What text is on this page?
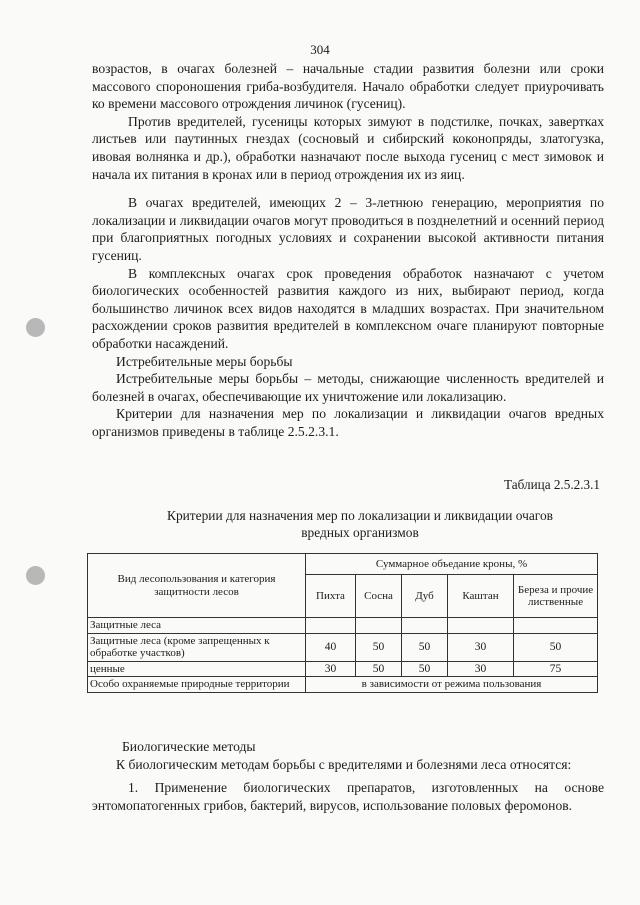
304

возрастов, в очагах болезней – начальные стадии развития болезни или сроки массового спороношения гриба-возбудителя. Начало обработки следует приурочивать ко времени массового отрождения личинок (гусениц).

Против вредителей, гусеницы которых зимуют в подстилке, почках, завертках листьев или паутинных гнездах (сосновый и сибирский коконопряды, златогузка, ивовая волнянка и др.), обработки назначают после выхода гусениц с мест зимовок и начала их питания в кронах или в период отрождения их из яиц.

В очагах вредителей, имеющих 2 – 3-летнюю генерацию, мероприятия по локализации и ликвидации очагов могут проводиться в позднелетний и осенний период при благоприятных погодных условиях и сохранении высокой активности питания гусениц.

В комплексных очагах срок проведения обработок назначают с учетом биологических особенностей развития каждого из них, выбирают период, когда большинство личинок всех видов находятся в младших возрастах. При значительном расхождении сроков развития вредителей в комплексном очаге планируют повторные обработки насаждений.

Истребительные меры борьбы

Истребительные меры борьбы – методы, снижающие численность вредителей и болезней в очагах, обеспечивающие их уничтожение или локализацию.

Критерии для назначения мер по локализации и ликвидации очагов вредных организмов приведены в таблице 2.5.2.3.1.

Таблица 2.5.2.3.1
Критерии для назначения мер по локализации и ликвидации очагов вредных организмов
Вид лесопользования и категория защитности лесов	Суммарное объедание кроны, %				
	Пихта	Сосна	Дуб	Каштан	Береза и прочие лиственные
Защитные леса					
Защитные леса (кроме запрещенных к обработке участков)	40	50	50	30	50
ценные	30	50	50	30	75
Особо охраняемые природные территории	в зависимости от режима пользования				

Биологические методы

К биологическим методам борьбы с вредителями и болезнями леса относятся:

1. Применение биологических препаратов, изготовленных на основе энтомопатогенных грибов, бактерий, вирусов, использование половых феромонов.
